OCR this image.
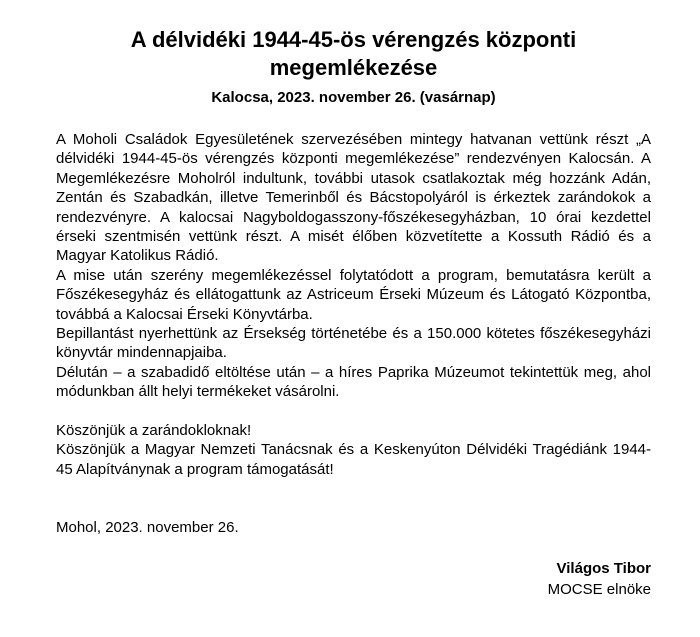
A délvidéki 1944-45-ös vérengzés központi megemlékezése

Kalocsa, 2023. november 26. (vasárnap)

A Moholi Családok Egyesületének szervezésében mintegy hatvanan vettünk részt „A délvidéki 1944-45-ös vérengzés központi megemlékezése” rendezvényen Kalocsán. A Megemlékezésre Moholról indultunk, további utasok csatlakoztak még hozzánk Adán, Zentán és Szabadkán, illetve Temerinből és Bácstopolyáról is érkeztek zarándokok a rendezvényre. A kalocsai Nagyboldogasszony-főszékesegyházban, 10 órai kezdettel érseki szentmisén vettünk részt. A misét élőben közvetítette a Kossuth Rádió és a Magyar Katolikus Rádió.

A mise után szerény megemlékezéssel folytatódott a program, bemutatásra került a Főszékesegyház és ellátogattunk az Astriceum Érseki Múzeum és Látogató Központba, továbbá a Kalocsai Érseki Könyvtárba.

Bepillantást nyerhettünk az Érsekség történetébe és a 150.000 kötetes főszékesegyházi könyvtár mindennapjaiba.

Délután – a szabadidő eltöltése után – a híres Paprika Múzeumot tekintettük meg, ahol módunkban állt helyi termékeket vásárolni.

Köszönjük a zarándokloknak!

Köszönjük a Magyar Nemzeti Tanácsnak és a Keskenyúton Délvidéki Tragédiánk 1944-45 Alapítványnak a program támogatását!

Mohol, 2023. november 26.

Világos Tibor
MOCSE elnöke
